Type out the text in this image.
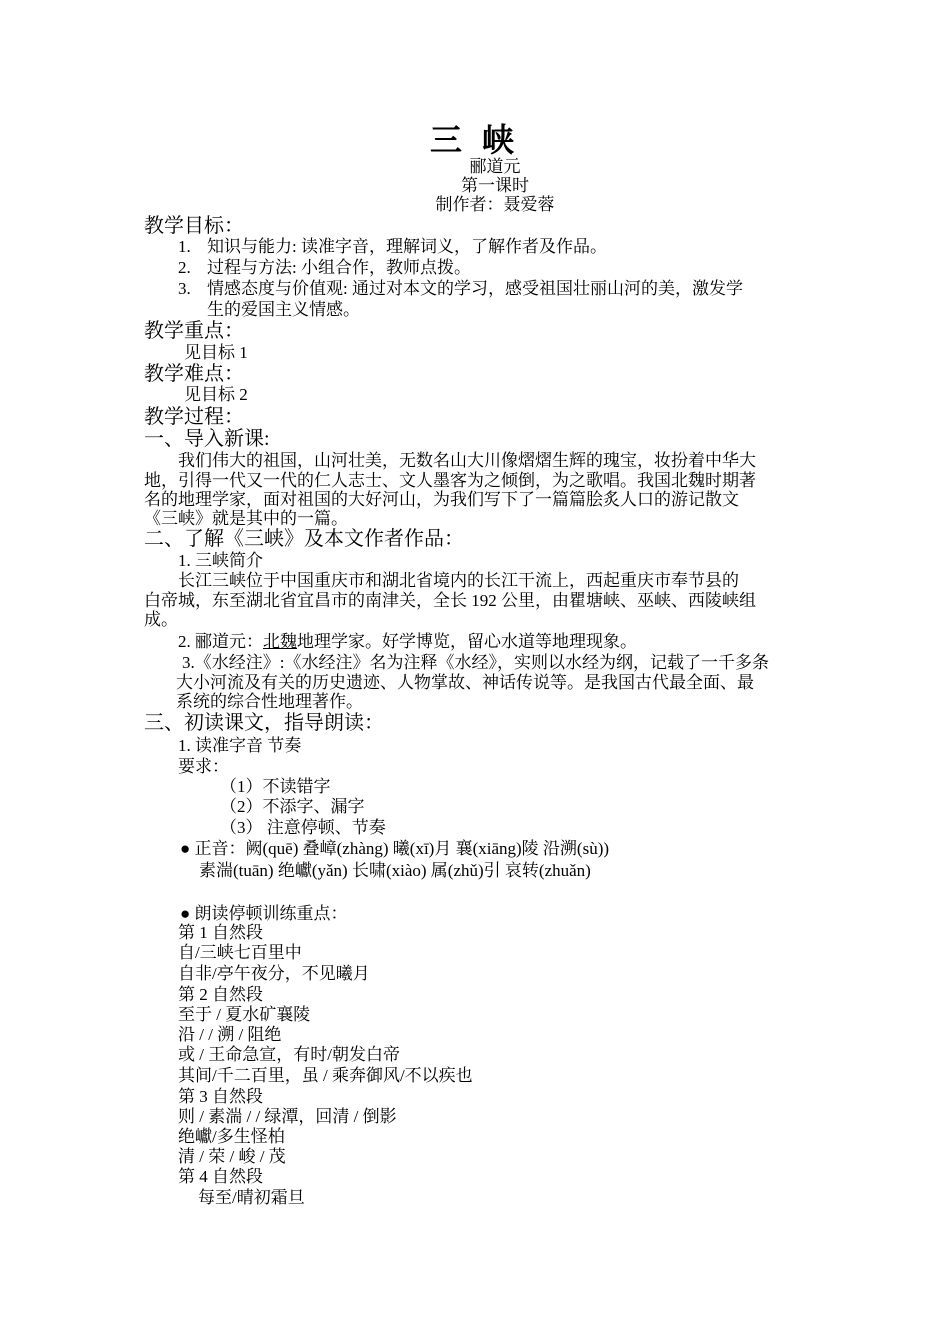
三 峡
郦道元
第一课时
制作者：聂爱蓉
教学目标：
1. 知识与能力: 读准字音，理解词义，了解作者及作品。
2. 过程与方法: 小组合作，教师点拨。
3. 情感态度与价值观: 通过对本文的学习，感受祖国壮丽山河的美，激发学
生的爱国主义情感。
教学重点：
见目标 1
教学难点：
见目标 2
教学过程：
一、导入新课:
我们伟大的祖国，山河壮美，无数名山大川像熠熠生辉的瑰宝，妆扮着中华大
地，引得一代又一代的仁人志士、文人墨客为之倾倒，为之歌唱。我国北魏时期著
名的地理学家，面对祖国的大好河山，为我们写下了一篇篇脍炙人口的游记散文
《三峡》就是其中的一篇。
二、了解《三峡》及本文作者作品：
1. 三峡简介
长江三峡位于中国重庆市和湖北省境内的长江干流上，西起重庆市奉节县的
白帝城，东至湖北省宜昌市的南津关，全长 192 公里，由瞿塘峡、巫峡、西陵峡组
成。
2. 郦道元：北魏地理学家。好学博览，留心水道等地理现象。
3.《水经注》:《水经注》名为注释《水经》，实则以水经为纲，记载了一千多条
大小河流及有关的历史遗迹、人物掌故、神话传说等。是我国古代最全面、最
系统的综合性地理著作。
三、初读课文，指导朗读：
1. 读准字音 节奏
要求：
（1）不读错字
（2）不添字、漏字
（3） 注意停顿、节奏
● 正音：阙(quē) 叠嶂(zhàng) 曦(xī)月 襄(xiāng)陵 沿溯(sù))
素湍(tuān) 绝巘(yǎn) 长啸(xiào) 属(zhǔ)引 哀转(zhuǎn)
● 朗读停顿训练重点：
第 1 自然段
自/三峡七百里中
自非/亭午夜分，不见曦月
第 2 自然段
至于 / 夏水矿襄陵
沿 / / 溯 / 阻绝
或 / 王命急宣，有时/朝发白帝
其间/千二百里，虽 / 乘奔御风/不以疾也
第 3 自然段
则 / 素湍 / / 绿潭，回清 / 倒影
绝巘/多生怪柏
清 / 荣 / 峻 / 茂
第 4 自然段
每至/晴初霜旦
